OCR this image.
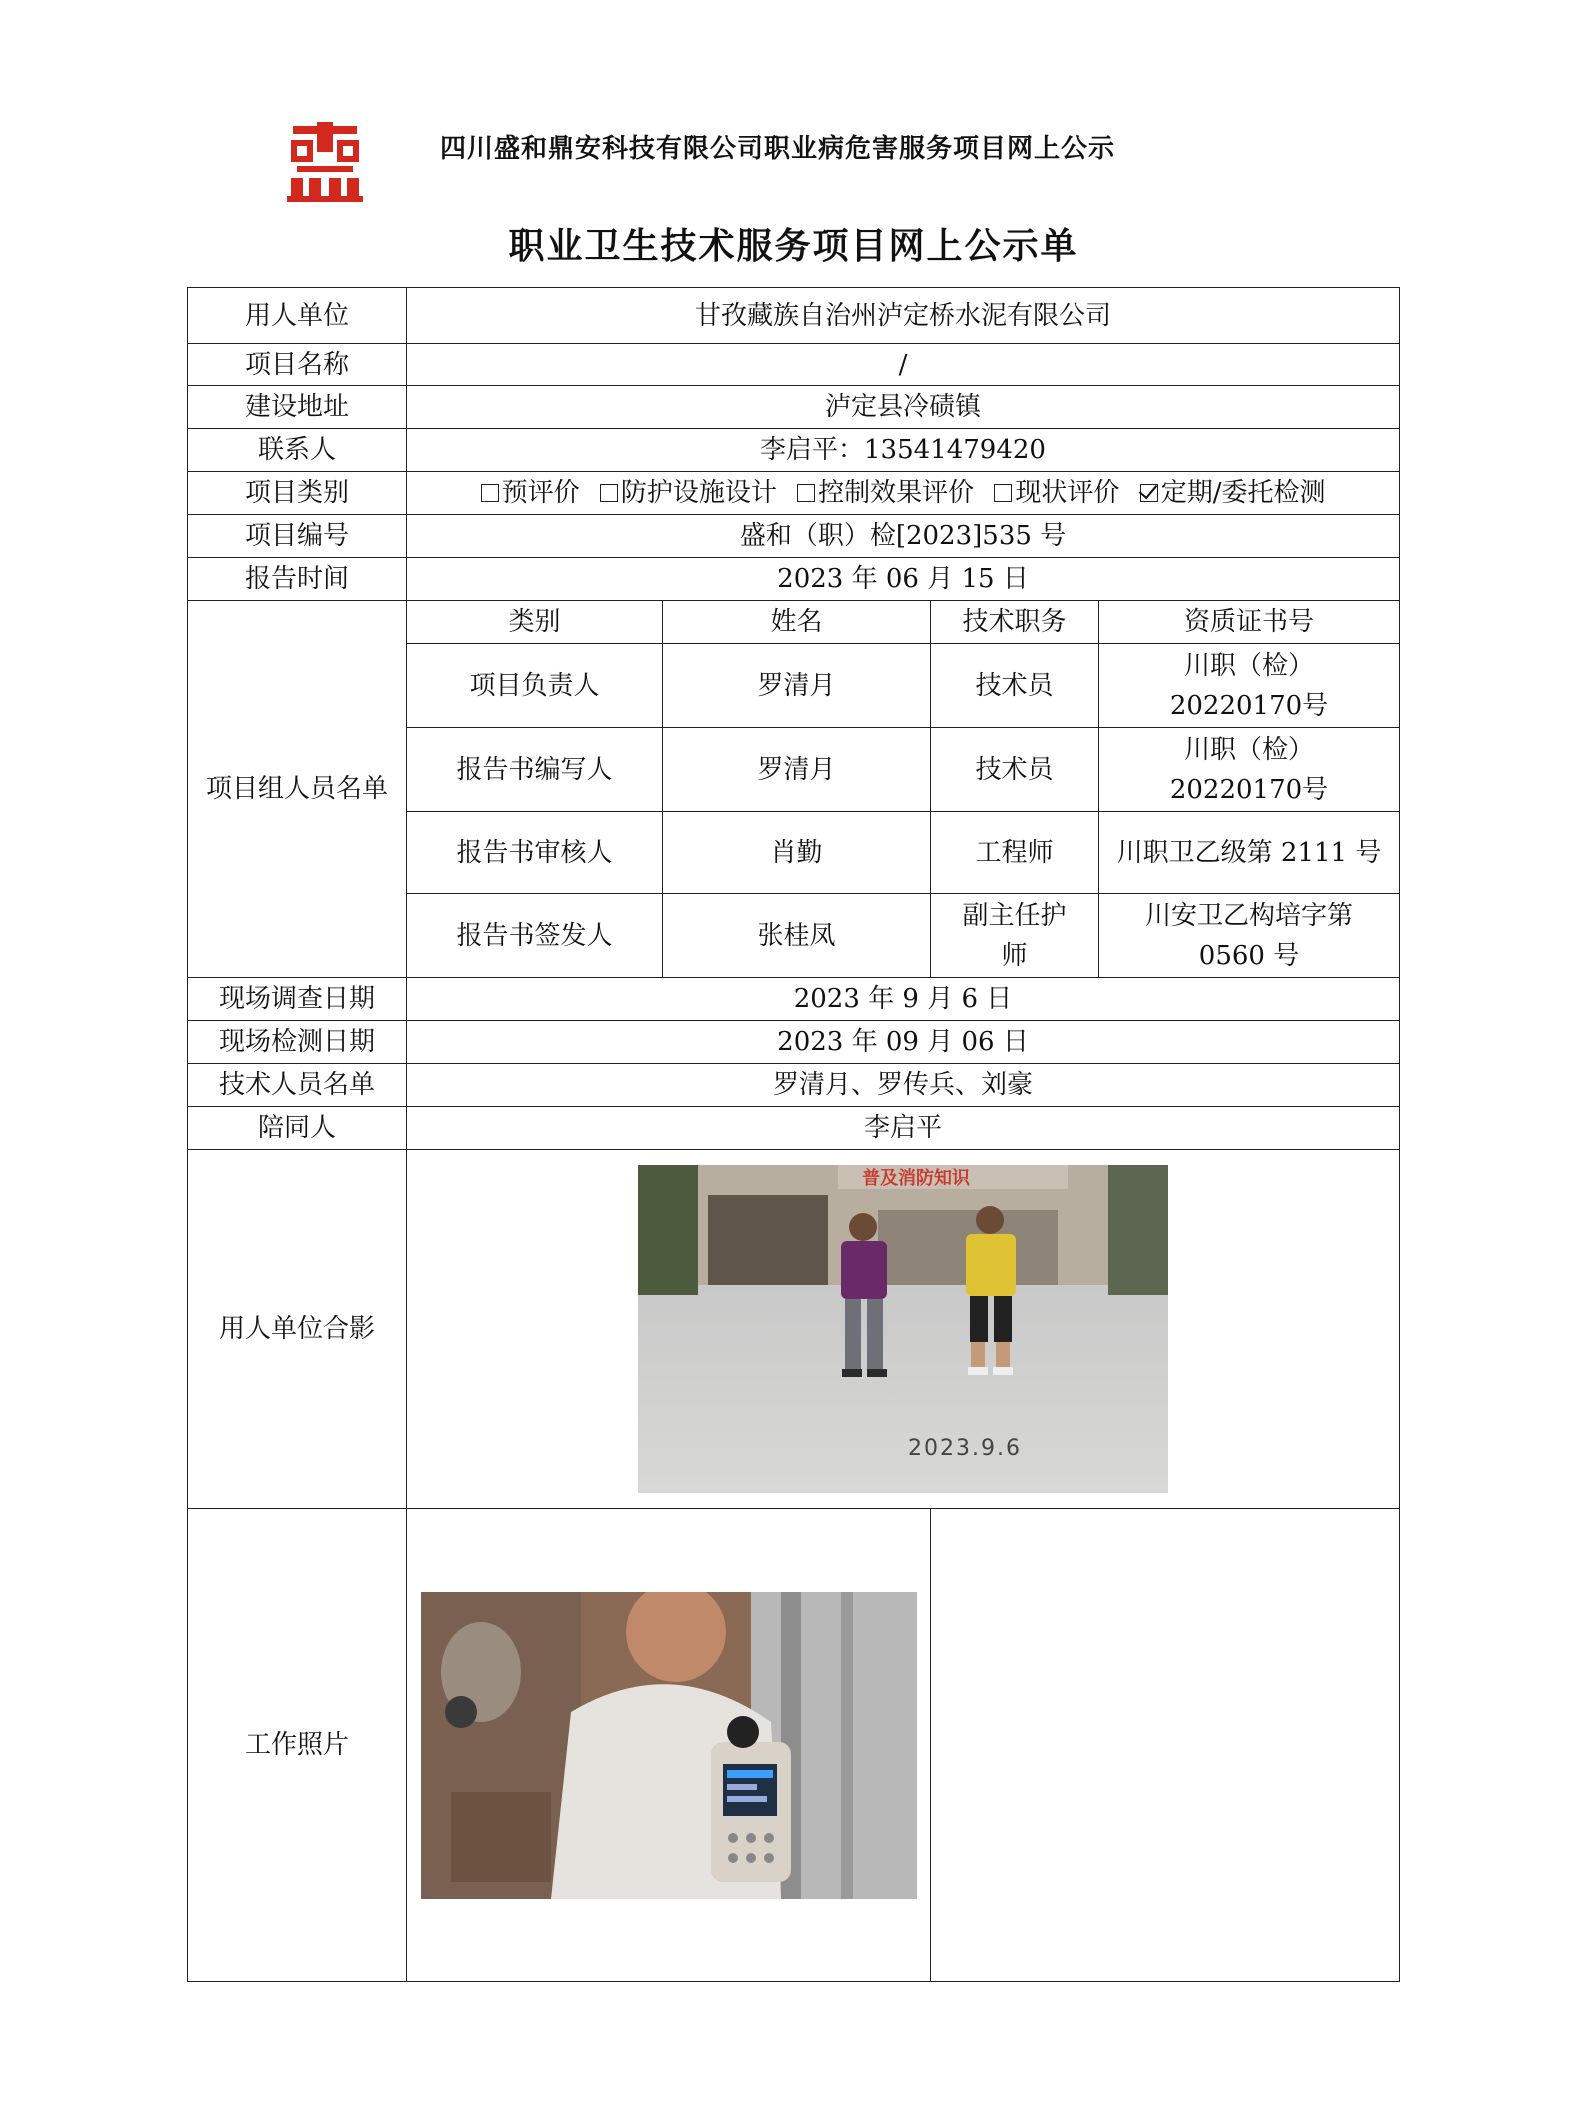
四川盛和鼎安科技有限公司职业病危害服务项目网上公示
职业卫生技术服务项目网上公示单
用人单位	甘孜藏族自治州泸定桥水泥有限公司			
项目名称	/			
建设地址	泸定县冷碛镇			
联系人	李启平：13541479420			
项目类别	预评价 防护设施设计 控制效果评价 现状评价 定期/委托检测			
项目编号	盛和（职）检[2023]535 号			
报告时间	2023 年 06 月 15 日			
项目组人员名单	类别	姓名	技术职务	资质证书号
	项目负责人	罗清月	技术员	川职（检）20220170号
	报告书编写人	罗清月	技术员	川职（检）20220170号
	报告书审核人	肖勤	工程师	川职卫乙级第 2111 号
	报告书签发人	张桂凤	副主任护师	川安卫乙构培字第 0560 号
现场调查日期	2023 年 9 月 6 日			
现场检测日期	2023 年 09 月 06 日			
技术人员名单	罗清月、罗传兵、刘豪			
陪同人	李启平			
用人单位合影	普及消防知识
2023.9.6			

工作照片	
